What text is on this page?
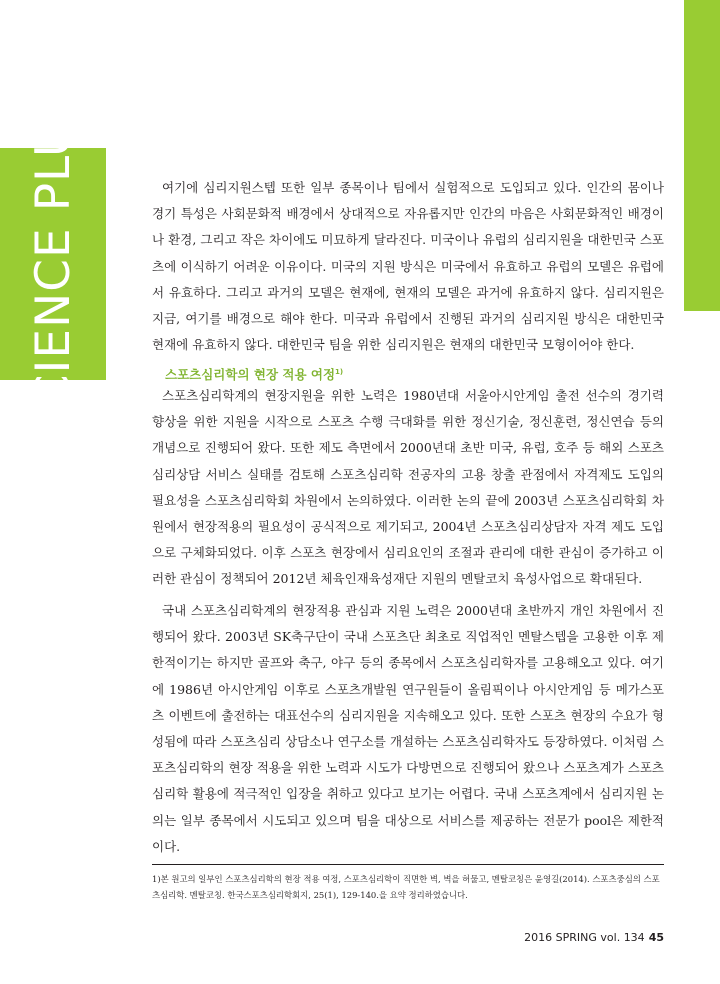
SCIENCE PLUS	여기에 심리지원스텝 또한 일부 종목이나 팀에서 실험적으로 도입되고 있다. 인간의 몸이나 경기 특성은 사회문화적 배경에서 상대적으로 자유롭지만 인간의 마음은 사회문화적인 배경이나 환경, 그리고 작은 차이에도 미묘하게 달라진다. 미국이나 유럽의 심리지원을 대한민국 스포츠에 이식하기 어려운 이유이다. 미국의 지원 방식은 미국에서 유효하고 유럽의 모델은 유럽에서 유효하다. 그리고 과거의 모델은 현재에, 현재의 모델은 과거에 유효하지 않다. 심리지원은 지금, 여기를 배경으로 해야 한다. 미국과 유럽에서 진행된 과거의 심리지원 방식은 대한민국 현재에 유효하지 않다. 대한민국 팀을 위한 심리지원은 현재의 대한민국 모형이어야 한다.

스포츠심리학의 현장 적용 여정$^{1)}$

스포츠심리학계의 현장지원을 위한 노력은 1980년대 서울아시안게임 출전 선수의 경기력 향상을 위한 지원을 시작으로 스포츠 수행 극대화를 위한 정신기술, 정신훈련, 정신연습 등의 개념으로 진행되어 왔다. 또한 제도 측면에서 2000년대 초반 미국, 유럽, 호주 등 해외 스포츠심리상담 서비스 실태를 검토해 스포츠심리학 전공자의 고용 창출 관점에서 자격제도 도입의 필요성을 스포츠심리학회 차원에서 논의하였다. 이러한 논의 끝에 2003년 스포츠심리학회 차원에서 현장적용의 필요성이 공식적으로 제기되고, 2004년 스포츠심리상담자 자격 제도 도입으로 구체화되었다. 이후 스포츠 현장에서 심리요인의 조절과 관리에 대한 관심이 증가하고 이러한 관심이 정책되어 2012년 체육인재육성재단 지원의 멘탈코치 육성사업으로 확대된다.

국내 스포츠심리학계의 현장적용 관심과 지원 노력은 2000년대 초반까지 개인 차원에서 진행되어 왔다. 2003년 SK축구단이 국내 스포츠단 최초로 직업적인 멘탈스텝을 고용한 이후 제한적이기는 하지만 골프와 축구, 야구 등의 종목에서 스포츠심리학자를 고용해오고 있다. 여기에 1986년 아시안게임 이후로 스포츠개발원 연구원들이 올림픽이나 아시안게임 등 메가스포츠 이벤트에 출전하는 대표선수의 심리지원을 지속해오고 있다. 또한 스포츠 현장의 수요가 형성됨에 따라 스포츠심리 상담소나 연구소를 개설하는 스포츠심리학자도 등장하였다. 이처럼 스포츠심리학의 현장 적용을 위한 노력과 시도가 다방면으로 진행되어 왔으나 스포츠계가 스포츠심리학 활용에 적극적인 입장을 취하고 있다고 보기는 어렵다. 국내 스포츠계에서 심리지원 논의는 일부 종목에서 시도되고 있으며 팀을 대상으로 서비스를 제공하는 전문가 pool은 제한적이다.

1)본 원고의 일부인 스포츠심리학의 현장 적용 여정, 스포츠심리학이 직면한 벽, 벽을 허물고, 멘탈코칭은 윤영길(2014). 스포츠중심의 스포츠심리학. 멘탈코칭. 한국스포츠심리학회지, 25(1), 129-140.을 요약 정리하였습니다.

2016 SPRING vol. 134 45
